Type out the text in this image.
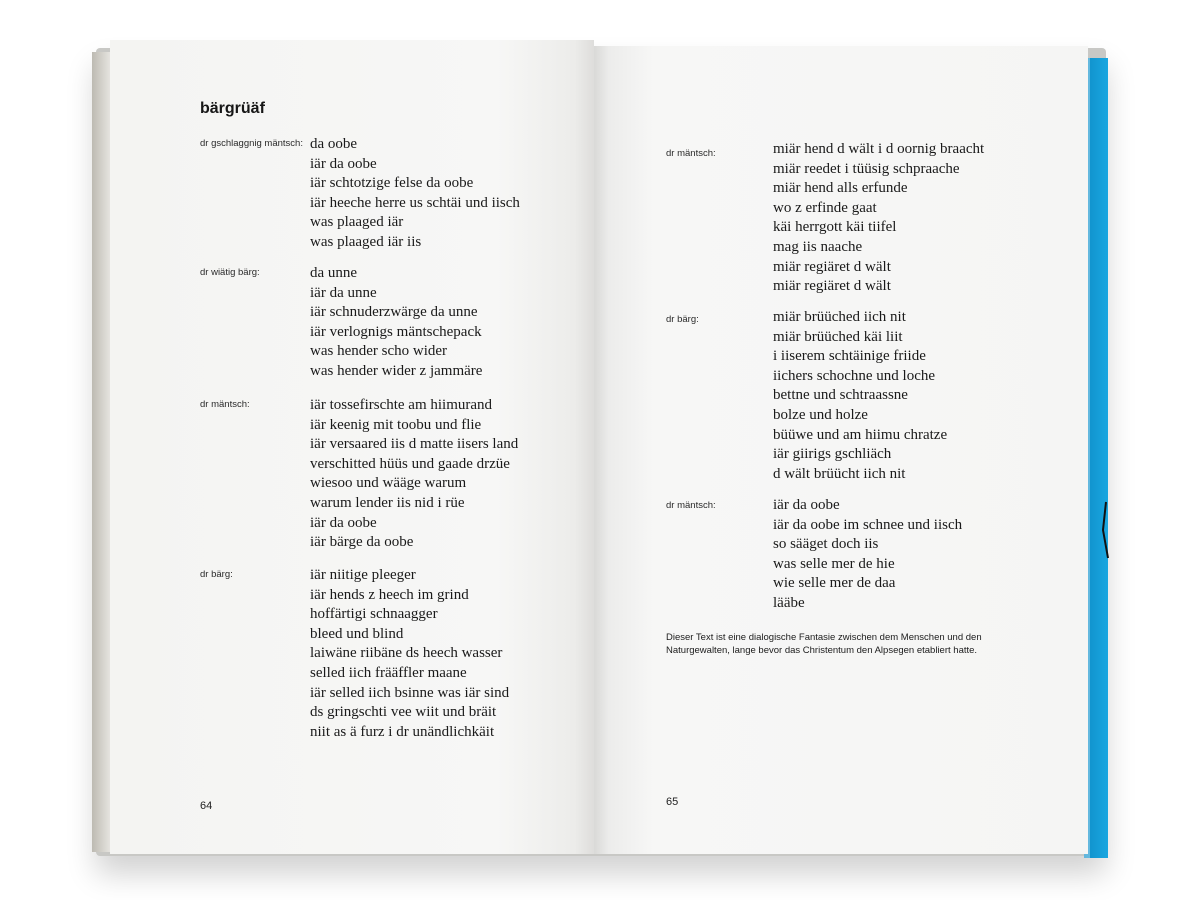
bärgrüäf
dr gschlaggnig mäntsch: da oobe
iär da oobe
iär schtotzige felse da oobe
iär heeche herre us schtäi und iisch
was plaaged iär
was plaaged iär iis
dr wiätig bärg:	da unne
iär da unne
iär schnuderzwärge da unne
iär verlognigs mäntschepack
was hender scho wider
was hender wider z jammäre
dr mäntsch:	iär tossefirschte am hiimurand
iär keenig mit toobu und flie
iär versaared iis d matte iisers land
verschitted hüüs und gaade drzüe
wiesoo und wääge warum
warum lender iis nid i rüe
iär da oobe
iär bärge da oobe
dr bärg:	iär niitige pleeger
iär hends z heech im grind
hoffärtigi schnaagger
bleed und blind
laiwäne riibäne ds heech wasser
selled iich frääffler maane
iär selled iich bsinne was iär sind
ds gringschti vee wiit und bräit
niit as ä furz i dr unändlichkäit
64
dr mäntsch:	miär hend d wält i d oornig braacht
miär reedet i tüüsig schpraache
miär hend alls erfunde
wo z erfinde gaat
käi herrgott käi tiifel
mag iis naache
miär regiäret d wält
miär regiäret d wält
dr bärg:	miär brüüched iich nit
miär brüüched käi liit
i iiserem schtäinige friide
iichers schochne und loche
bettne und schtraassne
bolze und holze
büüwe und am hiimu chratze
iär giirigs gschliäch
d wält brüücht iich nit
dr mäntsch:	iär da oobe
iär da oobe im schnee und iisch
so sääget doch iis
was selle mer de hie
wie selle mer de daa
lääbe
Dieser Text ist eine dialogische Fantasie zwischen dem Menschen und den Naturgewalten, lange bevor das Christentum den Alpsegen etabliert hatte.
65
